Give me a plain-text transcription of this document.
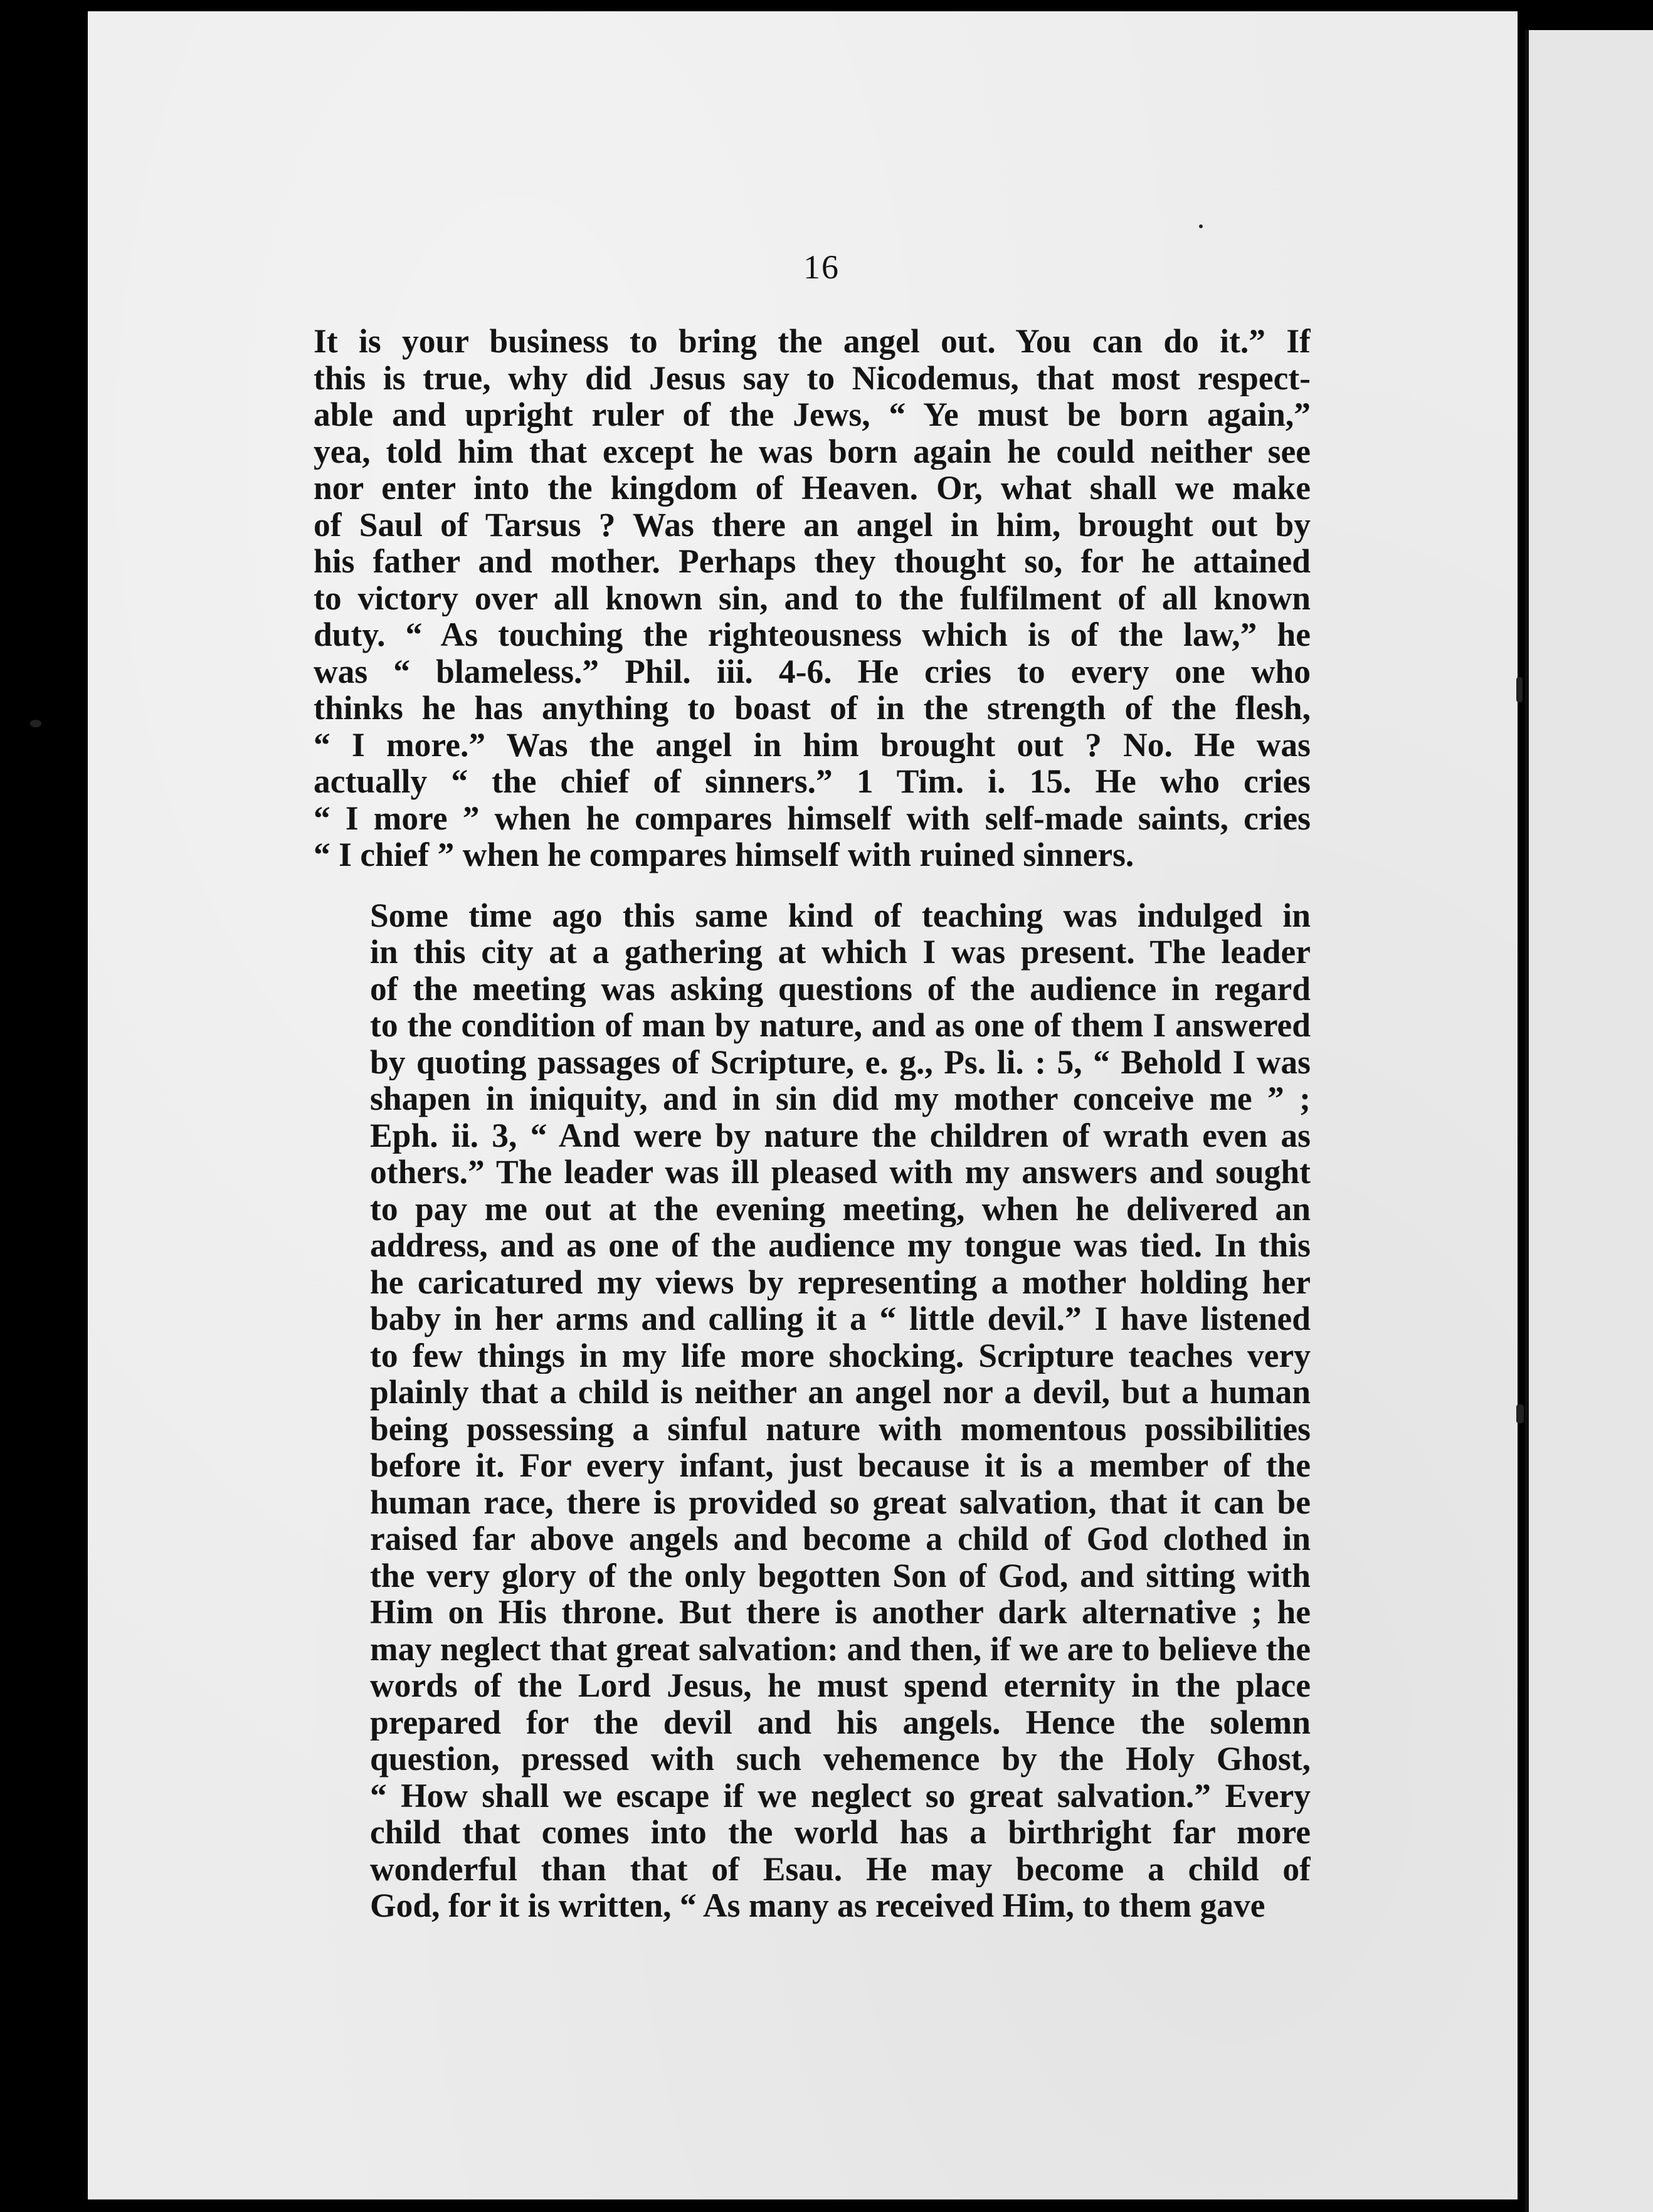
16

It is your business to bring the angel out. You can do it.” If
this is true, why did Jesus say to Nicodemus, that most respect-
able and upright ruler of the Jews, “ Ye must be born again,”
yea, told him that except he was born again he could neither see
nor enter into the kingdom of Heaven. Or, what shall we make
of Saul of Tarsus ? Was there an angel in him, brought out by
his father and mother. Perhaps they thought so, for he attained
to victory over all known sin, and to the fulfilment of all known
duty. “ As touching the righteousness which is of the law,” he
was “ blameless.” Phil. iii. 4-6. He cries to every one who
thinks he has anything to boast of in the strength of the flesh,
“ I more.” Was the angel in him brought out ? No. He was
actually “ the chief of sinners.” 1 Tim. i. 15. He who cries
“ I more ” when he compares himself with self-made saints, cries
“ I chief ” when he compares himself with ruined sinners.

Some time ago this same kind of teaching was indulged in
in this city at a gathering at which I was present. The leader
of the meeting was asking questions of the audience in regard
to the condition of man by nature, and as one of them I answered
by quoting passages of Scripture, e. g., Ps. li. : 5, “ Behold I was
shapen in iniquity, and in sin did my mother conceive me ” ;
Eph. ii. 3, “ And were by nature the children of wrath even as
others.” The leader was ill pleased with my answers and sought
to pay me out at the evening meeting, when he delivered an
address, and as one of the audience my tongue was tied. In this
he caricatured my views by representing a mother holding her
baby in her arms and calling it a “ little devil.” I have listened
to few things in my life more shocking. Scripture teaches very
plainly that a child is neither an angel nor a devil, but a human
being possessing a sinful nature with momentous possibilities
before it. For every infant, just because it is a member of the
human race, there is provided so great salvation, that it can be
raised far above angels and become a child of God clothed in
the very glory of the only begotten Son of God, and sitting with
Him on His throne. But there is another dark alternative ; he
may neglect that great salvation: and then, if we are to believe the
words of the Lord Jesus, he must spend eternity in the place
prepared for the devil and his angels. Hence the solemn
question, pressed with such vehemence by the Holy Ghost,
“ How shall we escape if we neglect so great salvation.” Every
child that comes into the world has a birthright far more
wonderful than that of Esau. He may become a child of
God, for it is written, “ As many as received Him, to them gave
